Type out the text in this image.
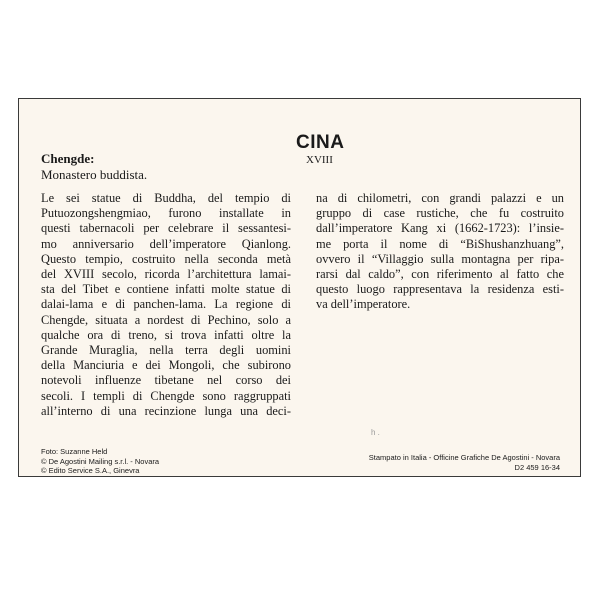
CINA
XVIII
Chengde:
Monastero buddista.
Le sei statue di Buddha, del tempio di
Putuozongshengmiao, furono installate in
questi tabernacoli per celebrare il sessantesi-
mo anniversario dell’imperatore Qianlong.
Questo tempio, costruito nella seconda metà
del XVIII secolo, ricorda l’architettura lamai-
sta del Tibet e contiene infatti molte statue di
dalai-lama e di panchen-lama. La regione di
Chengde, situata a nordest di Pechino, solo a
qualche ora di treno, si trova infatti oltre la
Grande Muraglia, nella terra degli uomini
della Manciuria e dei Mongoli, che subirono
notevoli influenze tibetane nel corso dei
secoli. I templi di Chengde sono raggruppati
all’interno di una recinzione lunga una deci-
na di chilometri, con grandi palazzi e un
gruppo di case rustiche, che fu costruito
dall’imperatore Kang xi (1662-1723): l’insie-
me porta il nome di “BiShushanzhuang”,
ovvero il “Villaggio sulla montagna per ripa-
rarsi dal caldo”, con riferimento al fatto che
questo luogo rappresentava la residenza esti-
va dell’imperatore.
h .
Foto: Suzanne Held
© De Agostini Mailing s.r.l. - Novara
© Edito Service S.A., Ginevra
Stampato in Italia - Officine Grafiche De Agostini - Novara
D2 459 16-34
